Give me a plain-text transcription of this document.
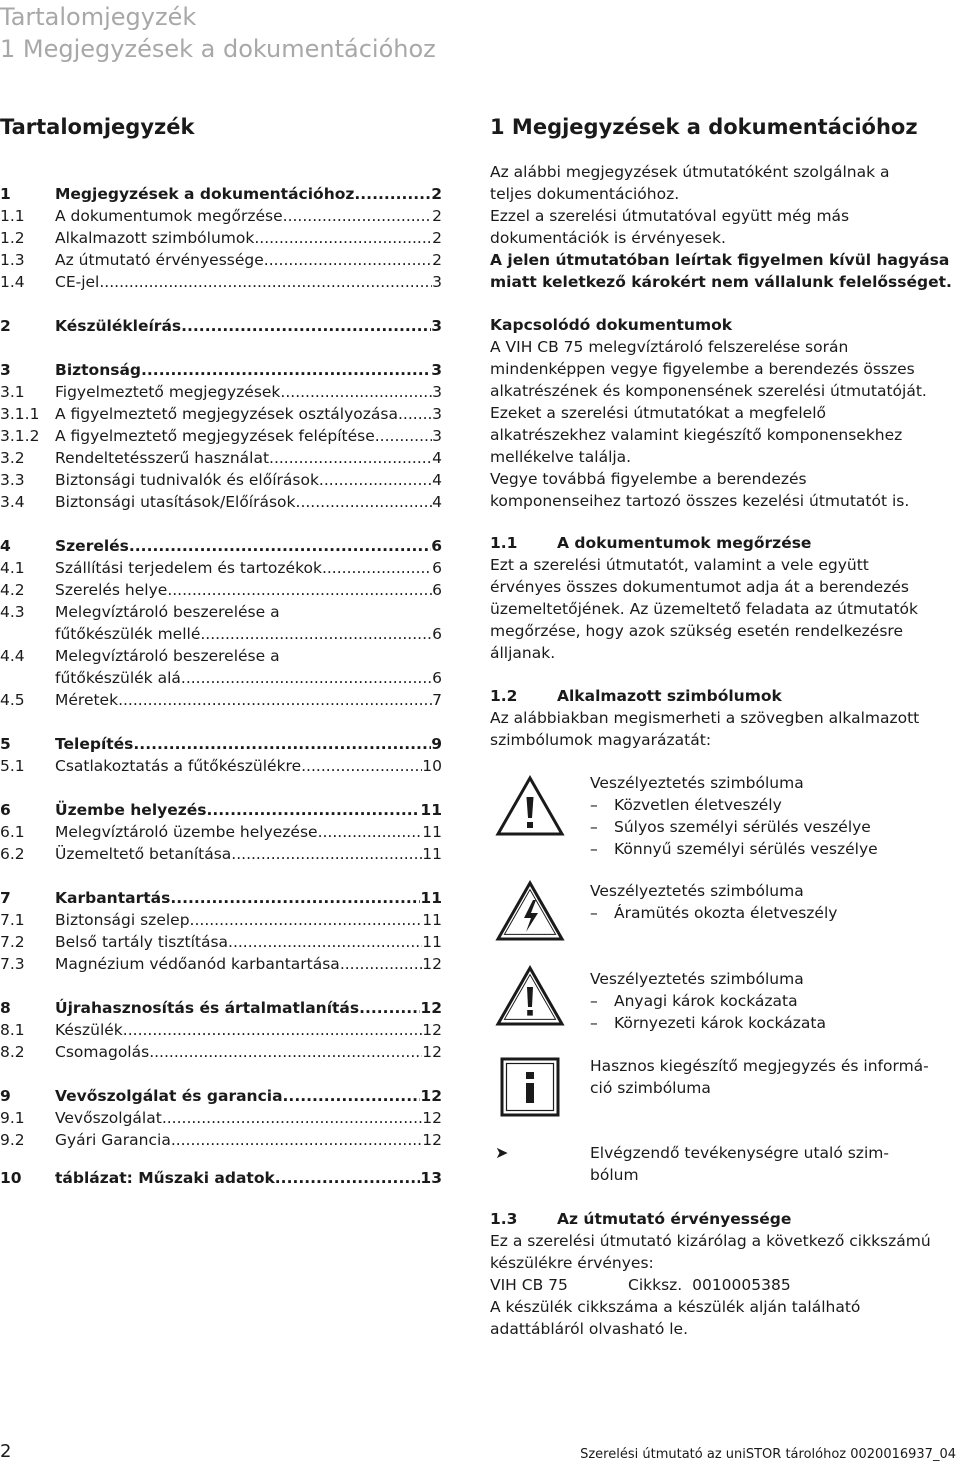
Tartalomjegyzék
1 Megjegyzések a dokumentációhoz
Tartalomjegyzék
1	Megjegyzések a dokumentációhoz .....	2
1.1 A dokumentumok megőrzése .....	2
1.2 Alkalmazott szimbólumok .....	2
1.3 Az útmutató érvényessége .....	2
1.4 CE-jel .....	3
2	Készülékleírás .....	3
3	Biztonság .....	3
3.1 Figyelmeztető megjegyzések .....	3
3.1.1 A figyelmeztető megjegyzések osztályozása ..... 3
3.1.2 A figyelmeztető megjegyzések felépítése .....	3
3.2 Rendeltetésszerű használat .....	4
3.3 Biztonsági tudnivalók és előírások .....	4
3.4 Biztonsági utasítások/Előírások .....	4
4	Szerelés .....	6
4.1 Szállítási terjedelem és tartozékok .....	6
4.2 Szerelés helye .....	6
4.3 Melegvíztároló beszerelése a
fűtőkészülék mellé .....	6
4.4 Melegvíztároló beszerelése a
fűtőkészülék alá .....	6
4.5 Méretek .....	7
5	Telepítés .....	9
5.1 Csatlakoztatás a fűtőkészülékre .....	10
6	Üzembe helyezés .....	11
6.1 Melegvíztároló üzembe helyezése .....	11
6.2 Üzemeltető betanítása .....	11
7	Karbantartás .....	11
7.1 Biztonsági szelep .....	11
7.2 Belső tartály tisztítása .....	11
7.3 Magnézium védőanód karbantartása .....	12
8	Újrahasznosítás és ártalmatlanítás .....	12
8.1 Készülék .....	12
8.2 Csomagolás .....	12
9	Vevőszolgálat és garancia .....	12
9.1 Vevőszolgálat .....	12
9.2 Gyári Garancia .....	12
10 táblázat: Műszaki adatok .....	13
1 Megjegyzések a dokumentációhoz
Az alábbi megjegyzések útmutatóként szolgálnak a
teljes dokumentációhoz.
Ezzel a szerelési útmutatóval együtt még más
dokumentációk is érvényesek.
A jelen útmutatóban leírtak figyelmen kívül hagyása
miatt keletkező károkért nem vállalunk felelősséget.
Kapcsolódó dokumentumok
A VIH CB 75 melegvíztároló felszerelése során
mindenképpen vegye figyelembe a berendezés összes
alkatrészének és komponensének szerelési útmutatóját.
Ezeket a szerelési útmutatókat a megfelelő
alkatrészekhez valamint kiegészítő komponensekhez
mellékelve találja.
Vegye továbbá figyelembe a berendezés
komponenseihez tartozó összes kezelési útmutatót is.
1.1	A dokumentumok megőrzése
Ezt a szerelési útmutatót, valamint a vele együtt
érvényes összes dokumentumot adja át a berendezés
üzemeltetőjének. Az üzemeltető feladata az útmutatók
megőrzése, hogy azok szükség esetén rendelkezésre
álljanak.
1.2	Alkalmazott szimbólumok
Az alábbiakban megismerheti a szövegben alkalmazott
szimbólumok magyarázatát:
Veszélyeztetés szimbóluma
– Közvetlen életveszély
– Súlyos személyi sérülés veszélye
– Könnyű személyi sérülés veszélye
Veszélyeztetés szimbóluma
– Áramütés okozta életveszély
Veszélyeztetés szimbóluma
– Anyagi károk kockázata
– Környezeti károk kockázata
Hasznos kiegészítő megjegyzés és informá-
ció szimbóluma
➤	Elvégzendő tevékenységre utaló szim-
bólum
1.3	Az útmutató érvényessége
Ez a szerelési útmutató kizárólag a következő cikkszámú
készülékre érvényes:
VIH CB 75	Cikksz. 0010005385
A készülék cikkszáma a készülék alján található
adattábláról olvasható le.
2	Szerelési útmutató az uniSTOR tárolóhoz 0020016937_04
